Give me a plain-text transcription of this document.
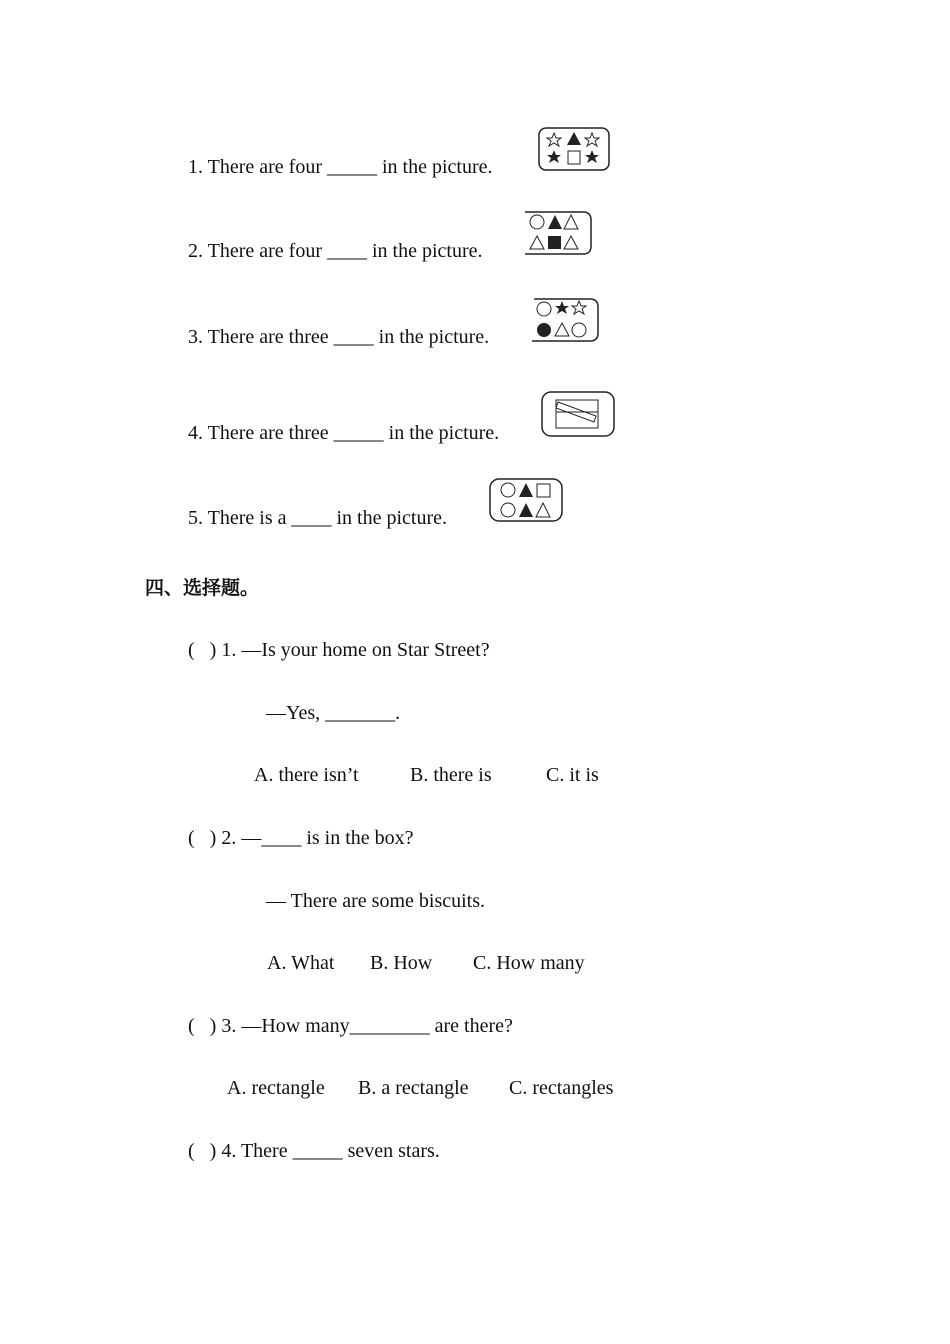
1. There are four _____ in the picture.
2. There are four ____ in the picture.
3. There are three ____ in the picture.
4. There are three _____ in the picture.
5. There is a ____ in the picture.
四、选择题。
(   ) 1. —Is your home on Star Street?
—Yes, _______.
A. there isn’t	B. there is	C. it is
(   ) 2. —____ is in the box?
— There are some biscuits.
A. What B. How C. How many
(   ) 3. —How many________ are there?
A. rectangle B. a rectangle C. rectangles
(   ) 4. There _____ seven stars.
